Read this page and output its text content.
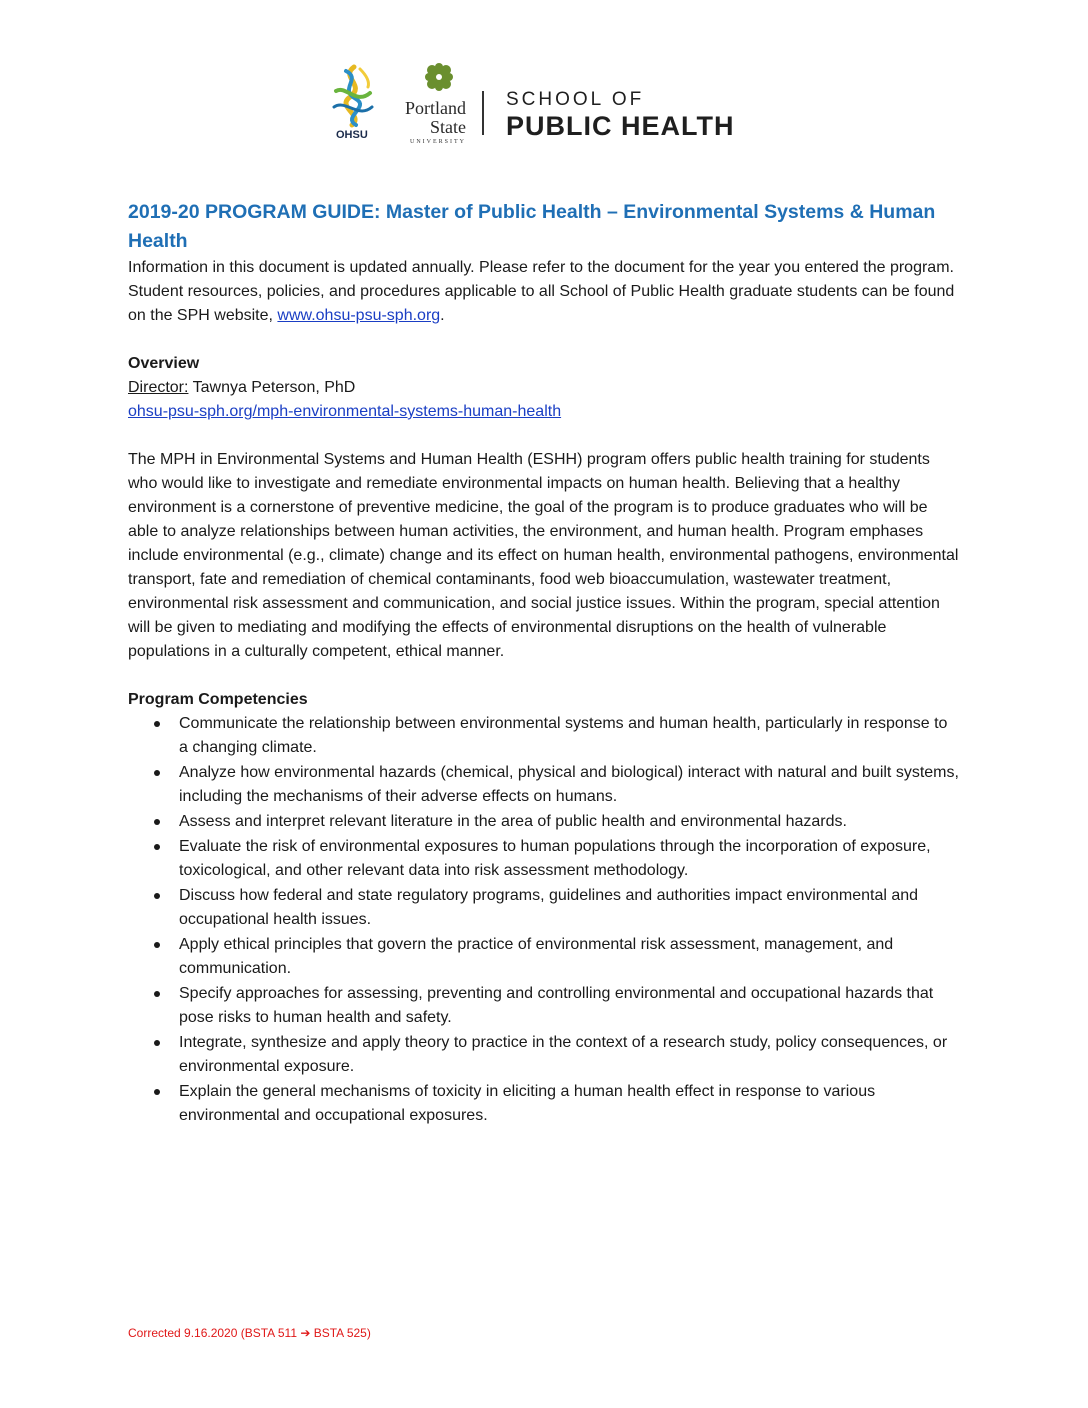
OHSU
Portland
State
UNIVERSITY
SCHOOL OF
PUBLIC HEALTH
2019-20 PROGRAM GUIDE: Master of Public Health – Environmental Systems & Human Health

Information in this document is updated annually. Please refer to the document for the year you entered the program. Student resources, policies, and procedures applicable to all School of Public Health graduate students can be found on the SPH website, www.ohsu-psu-sph.org.

Overview
Director: Tawnya Peterson, PhD
ohsu-psu-sph.org/mph-environmental-systems-human-health

The MPH in Environmental Systems and Human Health (ESHH) program offers public health training for students who would like to investigate and remediate environmental impacts on human health. Believing that a healthy environment is a cornerstone of preventive medicine, the goal of the program is to produce graduates who will be able to analyze relationships between human activities, the environment, and human health. Program emphases include environmental (e.g., climate) change and its effect on human health, environmental pathogens, environmental transport, fate and remediation of chemical contaminants, food web bioaccumulation, wastewater treatment, environmental risk assessment and communication, and social justice issues. Within the program, special attention will be given to mediating and modifying the effects of environmental disruptions on the health of vulnerable populations in a culturally competent, ethical manner.

Program Competencies
Communicate the relationship between environmental systems and human health, particularly in response to a changing climate.
Analyze how environmental hazards (chemical, physical and biological) interact with natural and built systems, including the mechanisms of their adverse effects on humans.
Assess and interpret relevant literature in the area of public health and environmental hazards.
Evaluate the risk of environmental exposures to human populations through the incorporation of exposure, toxicological, and other relevant data into risk assessment methodology.
Discuss how federal and state regulatory programs, guidelines and authorities impact environmental and occupational health issues.
Apply ethical principles that govern the practice of environmental risk assessment, management, and communication.
Specify approaches for assessing, preventing and controlling environmental and occupational hazards that pose risks to human health and safety.
Integrate, synthesize and apply theory to practice in the context of a research study, policy consequences, or environmental exposure.
Explain the general mechanisms of toxicity in eliciting a human health effect in response to various environmental and occupational exposures.
Corrected 9.16.2020 (BSTA 511 ➔ BSTA 525)
